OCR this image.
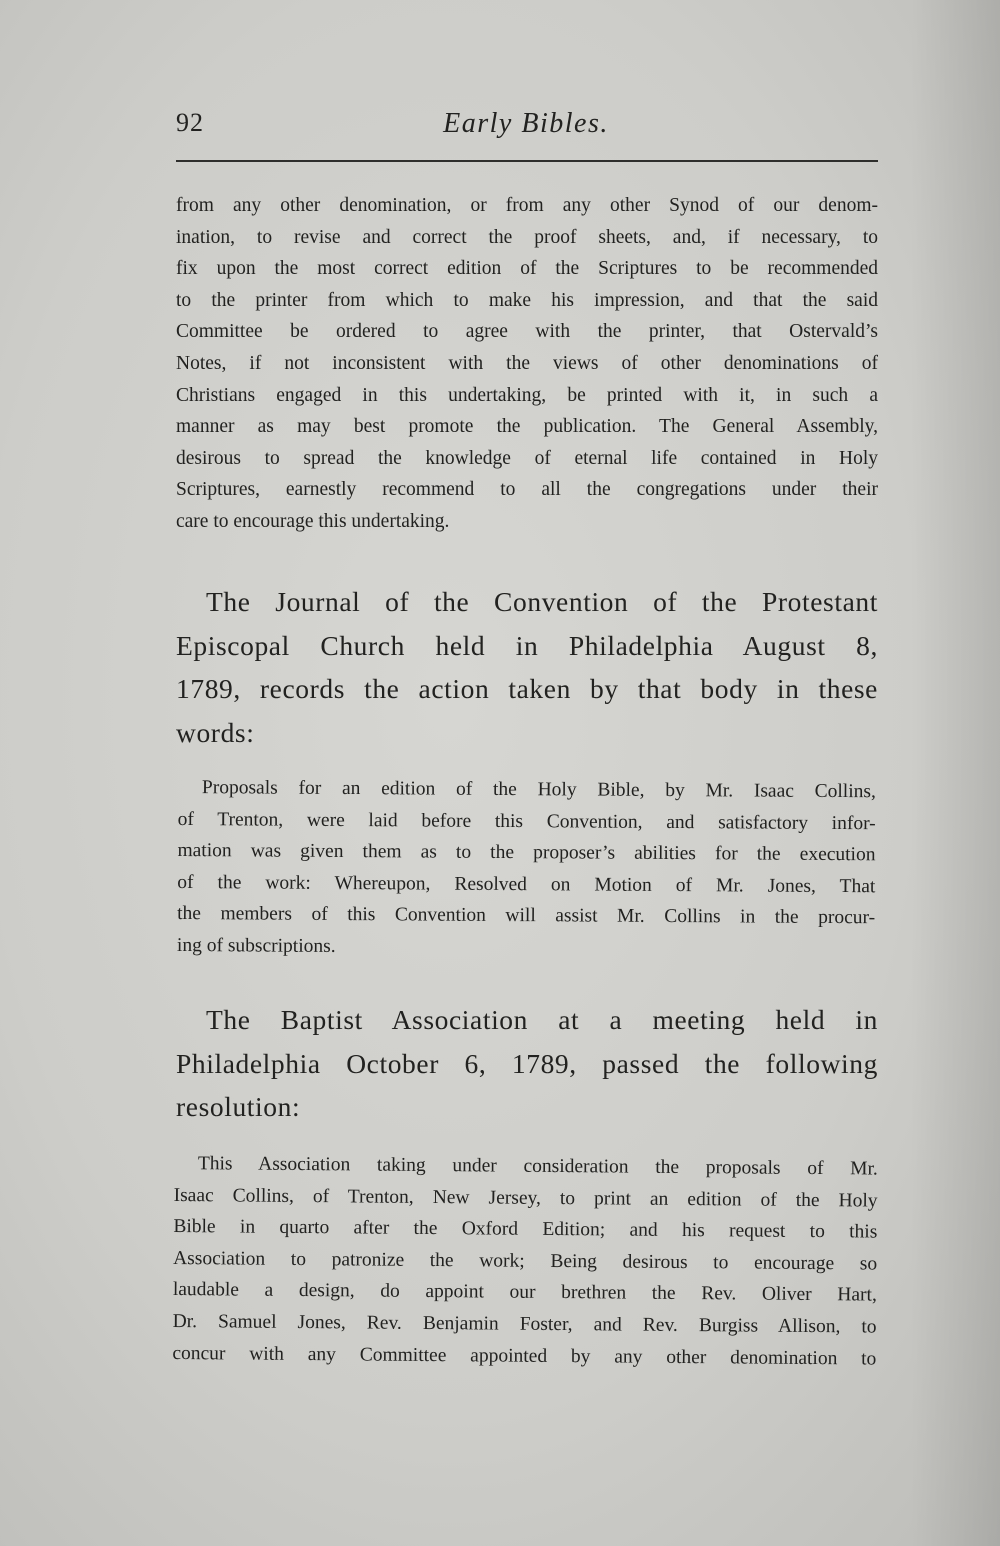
92	Early Bibles.
from any other denomination, or from any other Synod of our denom-
ination, to revise and correct the proof sheets, and, if necessary, to
fix upon the most correct edition of the Scriptures to be recommended
to the printer from which to make his impression, and that the said
Committee be ordered to agree with the printer, that Ostervald’s
Notes, if not inconsistent with the views of other denominations of
Christians engaged in this undertaking, be printed with it, in such a
manner as may best promote the publication. The General Assembly,
desirous to spread the knowledge of eternal life contained in Holy
Scriptures, earnestly recommend to all the congregations under their
care to encourage this undertaking.
The Journal of the Convention of the Protestant
Episcopal Church held in Philadelphia August 8,
1789, records the action taken by that body in these
words:
Proposals for an edition of the Holy Bible, by Mr. Isaac Collins,
of Trenton, were laid before this Convention, and satisfactory infor-
mation was given them as to the proposer’s abilities for the execution
of the work: Whereupon, Resolved on Motion of Mr. Jones, That
the members of this Convention will assist Mr. Collins in the procur-
ing of subscriptions.
The Baptist Association at a meeting held in
Philadelphia October 6, 1789, passed the following
resolution:
This Association taking under consideration the proposals of Mr.
Isaac Collins, of Trenton, New Jersey, to print an edition of the Holy
Bible in quarto after the Oxford Edition; and his request to this
Association to patronize the work; Being desirous to encourage so
laudable a design, do appoint our brethren the Rev. Oliver Hart,
Dr. Samuel Jones, Rev. Benjamin Foster, and Rev. Burgiss Allison, to
concur with any Committee appointed by any other denomination to
